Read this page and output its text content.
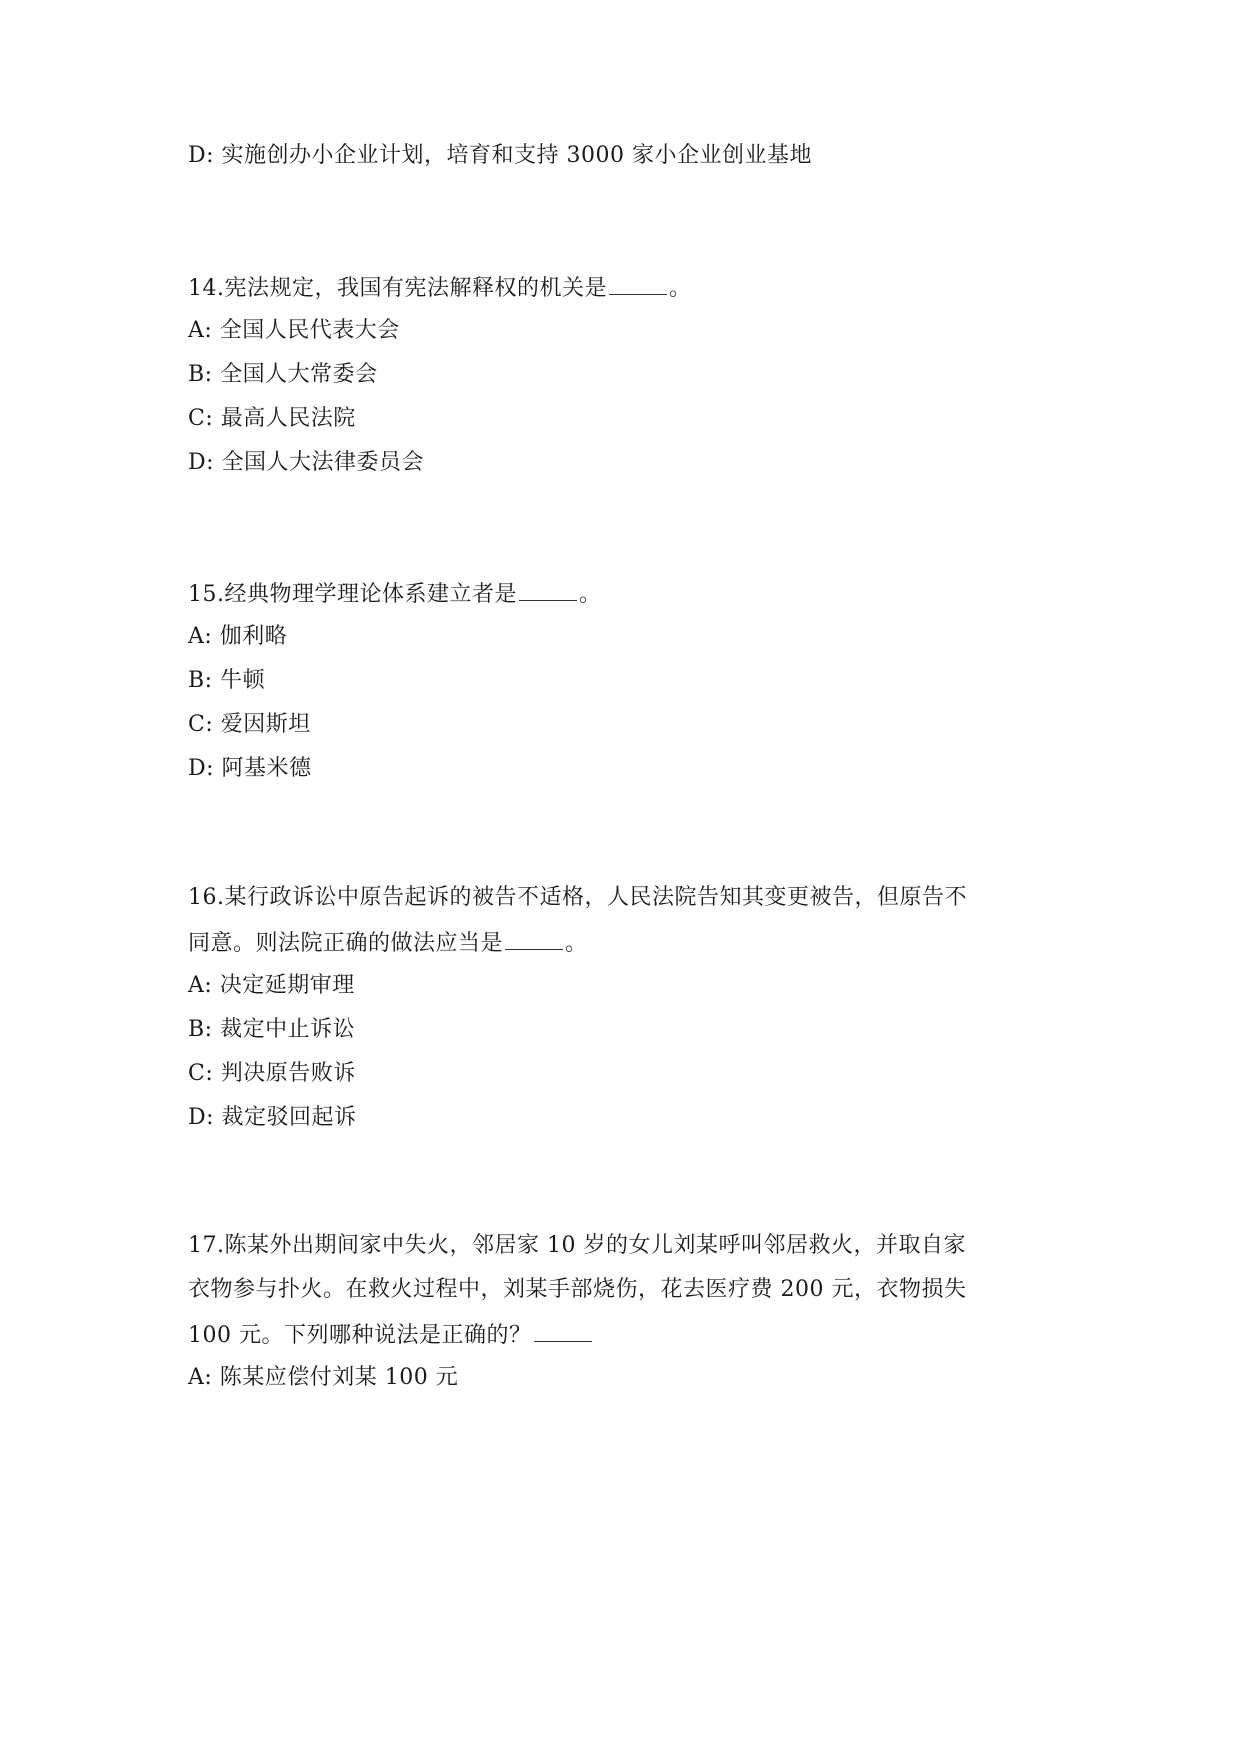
D: 实施创办小企业计划，培育和支持 3000 家小企业创业基地
14.宪法规定，我国有宪法解释权的机关是	。
A: 全国人民代表大会
B: 全国人大常委会
C: 最高人民法院
D: 全国人大法律委员会
15.经典物理学理论体系建立者是	。
A: 伽利略
B: 牛顿
C: 爱因斯坦
D: 阿基米德
16.某行政诉讼中原告起诉的被告不适格，人民法院告知其变更被告，但原告不
同意。则法院正确的做法应当是	。
A: 决定延期审理
B: 裁定中止诉讼
C: 判决原告败诉
D: 裁定驳回起诉
17.陈某外出期间家中失火，邻居家 10 岁的女儿刘某呼叫邻居救火，并取自家
衣物参与扑火。在救火过程中，刘某手部烧伤，花去医疗费 200 元，衣物损失
100 元。下列哪种说法是正确的？
A: 陈某应偿付刘某 100 元
